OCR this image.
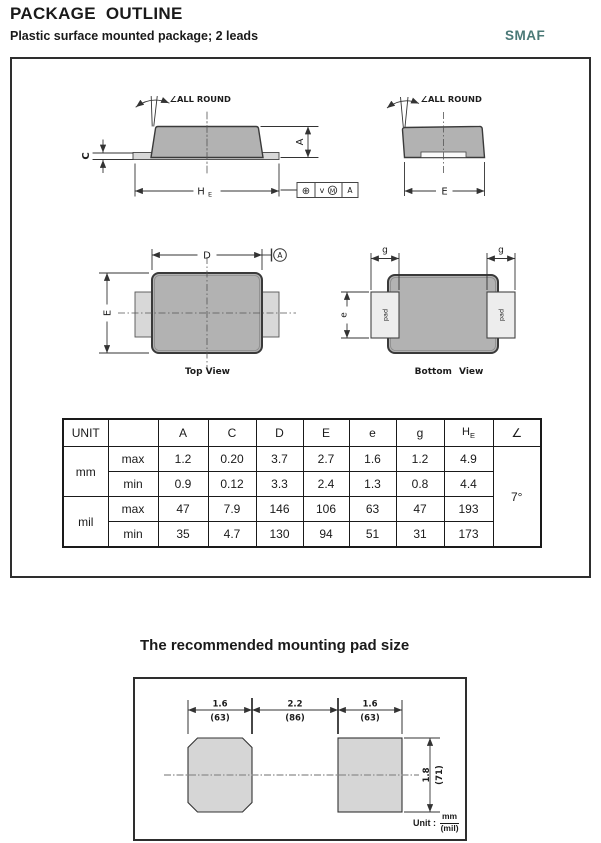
PACKAGE  OUTLINE
Plastic surface mounted package; 2 leads	SMAF
The recommended mounting pad size
∠ALL ROUND
A
C
H E	⊕ v M A
∠ALL ROUND
E
D	A
E
Top View
pad	pad
g	g
e
Bottom View
1.6
(63)
2.2
(86)
1.6
(63)
1.8 (71)
UNIT		A	C	D	E	e	g	$H_E$	∠
mm	max	1.2	0.20	3.7	2.7	1.6	1.2	4.9	7°
	min	0.9	0.12	3.3	2.4	1.3	0.8	4.4	
mil	max	47	7.9	146	106	63	47	193	
	min	35	4.7	130	94	51	31	173	
Unit : $\frac{mm}{\text{(mil)}}$
